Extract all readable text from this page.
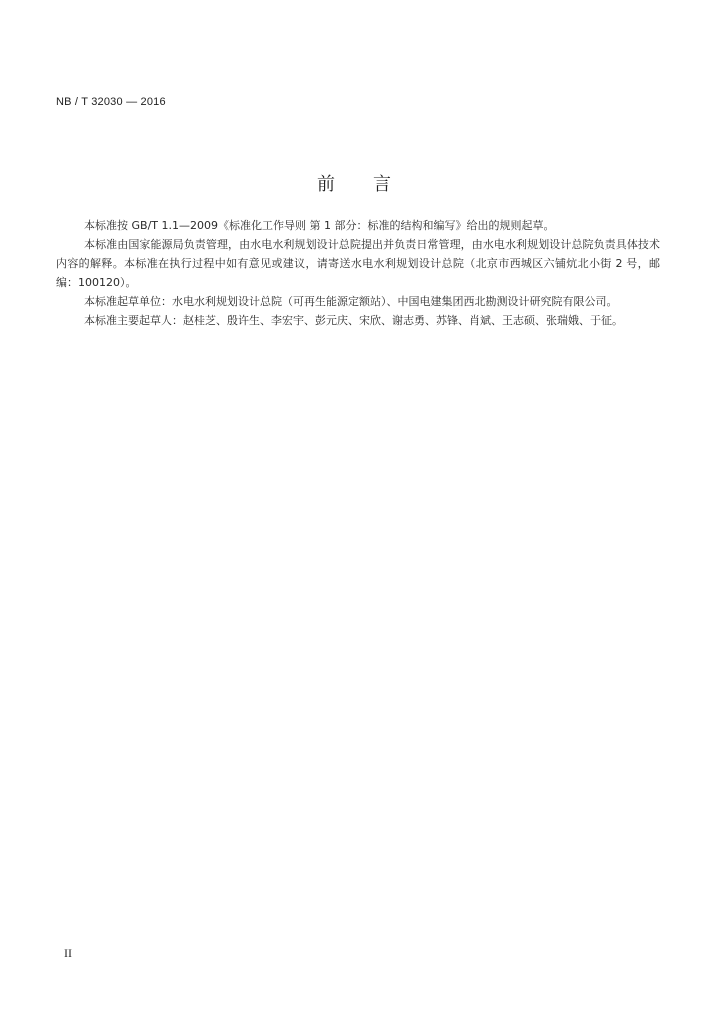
NB / T 32030 — 2016
前言

本标准按 GB/T 1.1—2009《标准化工作导则 第 1 部分：标准的结构和编写》给出的规则起草。

本标准由国家能源局负责管理，由水电水利规划设计总院提出并负责日常管理，由水电水利规划设计总院负责具体技术内容的解释。本标准在执行过程中如有意见或建议，请寄送水电水利规划设计总院（北京市西城区六铺炕北小街 2 号，邮编：100120）。

本标准起草单位：水电水利规划设计总院（可再生能源定额站）、中国电建集团西北勘测设计研究院有限公司。

本标准主要起草人：赵桂芝、殷许生、李宏宇、彭元庆、宋欣、谢志勇、苏锋、肖斌、王志硕、张瑞娥、于征。

II
